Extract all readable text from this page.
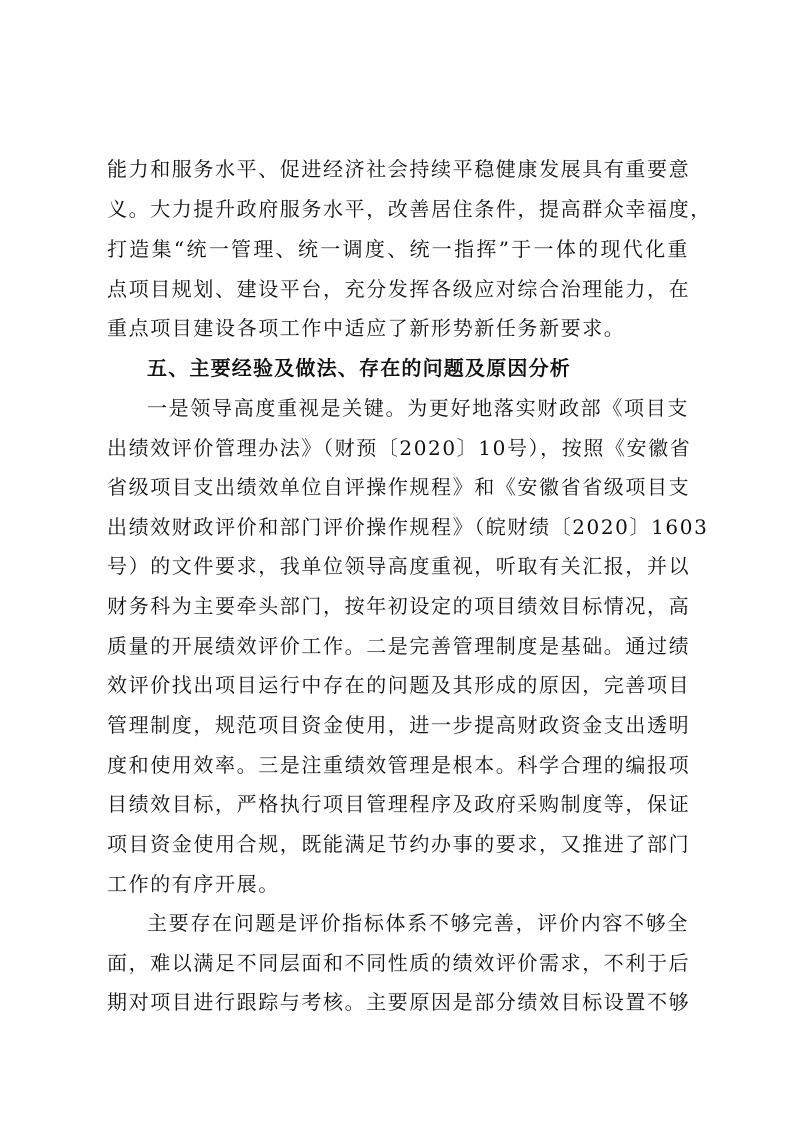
能力和服务水平、促进经济社会持续平稳健康发展具有重要意
义。大力提升政府服务水平，改善居住条件，提高群众幸福度，
打造集“统一管理、统一调度、统一指挥”于一体的现代化重
点项目规划、建设平台，充分发挥各级应对综合治理能力，在
重点项目建设各项工作中适应了新形势新任务新要求。
五、主要经验及做法、存在的问题及原因分析
一是领导高度重视是关键。为更好地落实财政部《项目支
出绩效评价管理办法》（财预〔2020〕10号），按照《安徽省
省级项目支出绩效单位自评操作规程》和《安徽省省级项目支
出绩效财政评价和部门评价操作规程》（皖财绩〔2020〕1603
号）的文件要求，我单位领导高度重视，听取有关汇报，并以
财务科为主要牵头部门，按年初设定的项目绩效目标情况，高
质量的开展绩效评价工作。二是完善管理制度是基础。通过绩
效评价找出项目运行中存在的问题及其形成的原因，完善项目
管理制度，规范项目资金使用，进一步提高财政资金支出透明
度和使用效率。三是注重绩效管理是根本。科学合理的编报项
目绩效目标，严格执行项目管理程序及政府采购制度等，保证
项目资金使用合规，既能满足节约办事的要求，又推进了部门
工作的有序开展。
主要存在问题是评价指标体系不够完善，评价内容不够全
面，难以满足不同层面和不同性质的绩效评价需求，不利于后
期对项目进行跟踪与考核。主要原因是部分绩效目标设置不够
